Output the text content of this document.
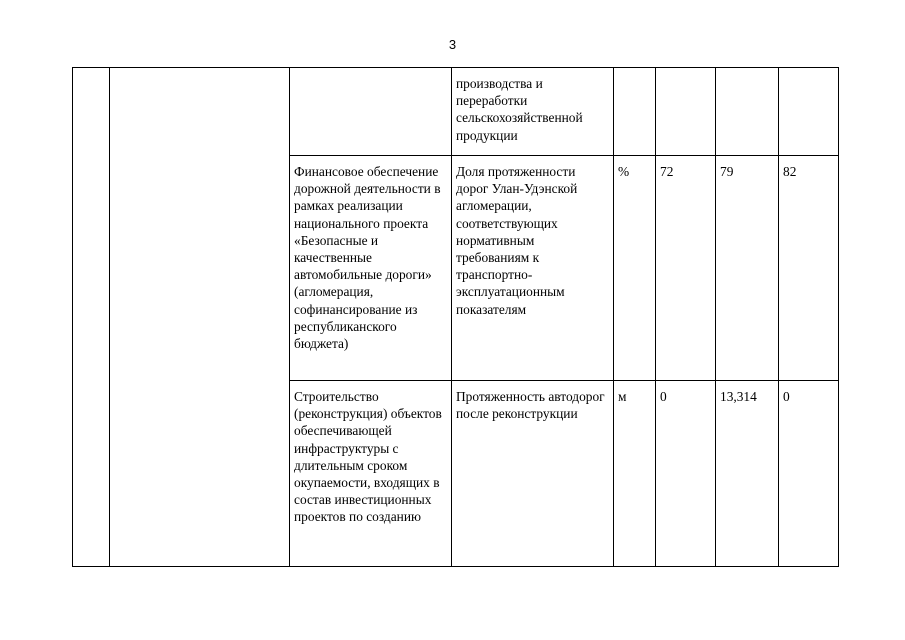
3
			производства и переработки сельскохозяйственной продукции				
		Финансовое обеспечение дорожной деятельности в рамках реализации национального проекта «Безопасные и качественные автомобильные дороги» (агломерация, софинансирование из республиканского бюджета)	Доля протяженности дорог Улан-Удэнской агломерации, соответствующих нормативным требованиям к транспортно-эксплуатационным показателям	%	72	79	82
		Строительство (реконструкция) объектов обеспечивающей инфраструктуры с длительным сроком окупаемости, входящих в состав инвестиционных проектов по созданию	Протяженность автодорог после реконструкции	м	0	13,314	0
